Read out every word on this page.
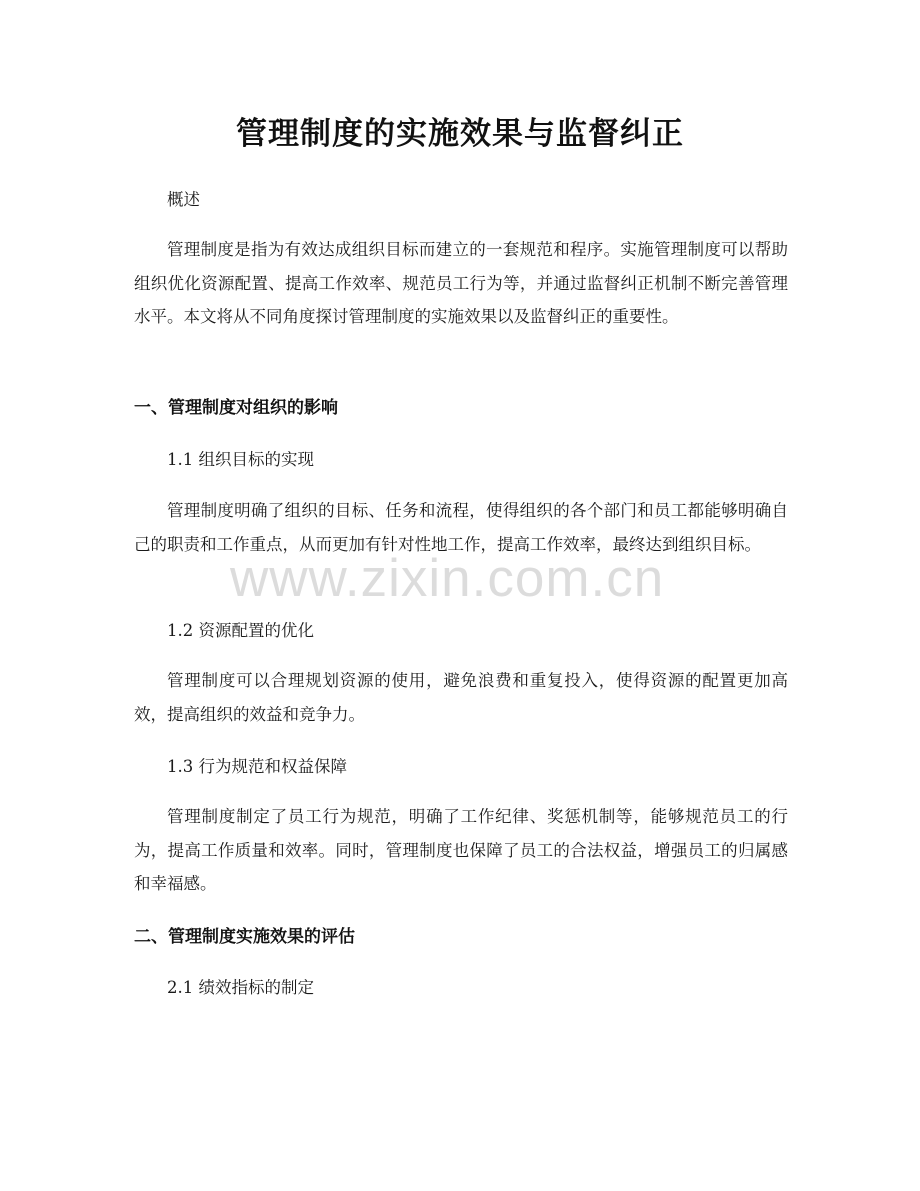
管理制度的实施效果与监督纠正
概述

管理制度是指为有效达成组织目标而建立的一套规范和程序。实施管理制度可以帮助组织优化资源配置、提高工作效率、规范员工行为等，并通过监督纠正机制不断完善管理水平。本文将从不同角度探讨管理制度的实施效果以及监督纠正的重要性。

一、管理制度对组织的影响
1.1 组织目标的实现

管理制度明确了组织的目标、任务和流程，使得组织的各个部门和员工都能够明确自己的职责和工作重点，从而更加有针对性地工作，提高工作效率，最终达到组织目标。

1.2 资源配置的优化

管理制度可以合理规划资源的使用，避免浪费和重复投入，使得资源的配置更加高效，提高组织的效益和竞争力。

1.3 行为规范和权益保障

管理制度制定了员工行为规范，明确了工作纪律、奖惩机制等，能够规范员工的行为，提高工作质量和效率。同时，管理制度也保障了员工的合法权益，增强员工的归属感和幸福感。

二、管理制度实施效果的评估
2.1 绩效指标的制定
www.zixin.com.cn
